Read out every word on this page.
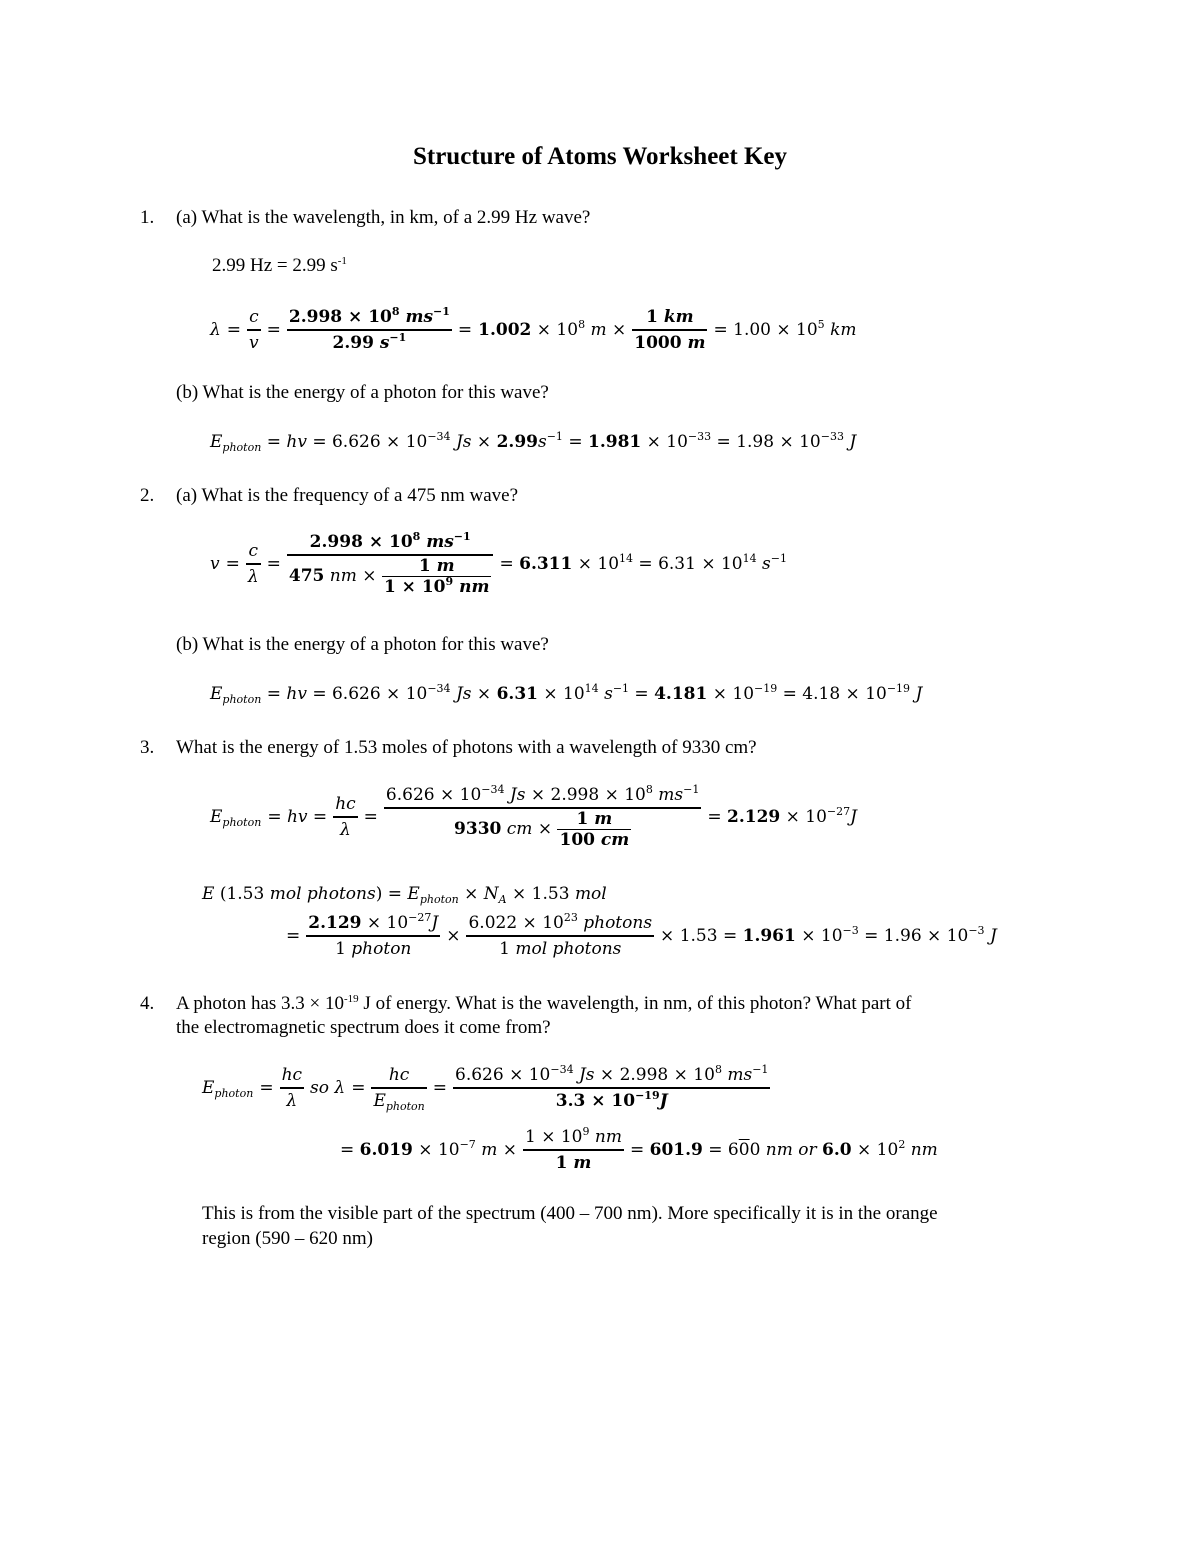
Structure of Atoms Worksheet Key
1. (a) What is the wavelength, in km, of a 2.99 Hz wave?
2.99 Hz = 2.99 $s^{-1}$
$\lambda = \frac{c}{v} = \frac{2.998 \times 10^8 ms^{-1}}{2.99 s^{-1}} = 1.002 \times 10^8$ $m \times \frac{1 km}{1000 m} = 1.00 \times 10^5$ km
(b) What is the energy of a photon for this wave?
$E_{photon}$ = hv = $6.626 \times 10^{-34}$ $Js \times 2.99s^{-1} = 1.981 \times 10^{-33} = 1.98 \times 10^{-33}$ J
2. (a) What is the frequency of a 475 nm wave?
$v = \frac{c}{\lambda} = \frac{2.998 \times 10^8 ms^{-1}}{475 nm \times \frac{1 m}{1 \times 10^9 nm}} = 6.311 \times 10^{14} = 6.31 \times 10^{14}$ $s^{-1}$
(b) What is the energy of a photon for this wave?
$E_{photon}$ = hv = $6.626 \times 10^{-34}$ $Js \times 6.31 \times 10^{14}$ $s^{-1} = 4.181 \times 10^{-19} = 4.18 \times 10^{-19}$ J
3. What is the energy of 1.53 moles of photons with a wavelength of 9330 cm?
$E_{photon}$ = hv = $\frac{hc}{\lambda} = \frac{6.626 \times 10^{-34} Js \times 2.998 \times 10^8 ms^{-1}}{9330 cm \times \frac{1 m}{100 cm}} = 2.129 \times 10^{-27}J$
E (1.53 mol photons) = $E_{photon} \times N_A \times 1.53$ mol
= $\frac{2.129 \times 10^{-27}J}{\text{1 photon}} \times \frac{6.022 \times 10^{23} photons}{\text{1 mol photons}} \times 1.53 = 1.961 \times 10^{-3} = 1.96 \times 10^{-3}$ J
4. A photon has $3.3 \times 10^{-19}$ J of energy. What is the wavelength, in nm, of this photon? What part of
the electromagnetic spectrum does it come from?
$E_{photon} = \frac{hc}{\lambda}$ so $\lambda = \frac{hc}{E_{photon}} = \frac{6.626 \times 10^{-34} Js \times 2.998 \times 10^8 ms^{-1}}{3.3 \times 10^{-19}J}$
= $6.019 \times 10^{-7}$ $m \times \frac{1 \times 10^9 nm}{1 m} = 601.9 = 600$ nm or $6.0 \times 10^2$ nm
This is from the visible part of the spectrum (400 – 700 nm). More specifically it is in the orange
region (590 – 620 nm)
